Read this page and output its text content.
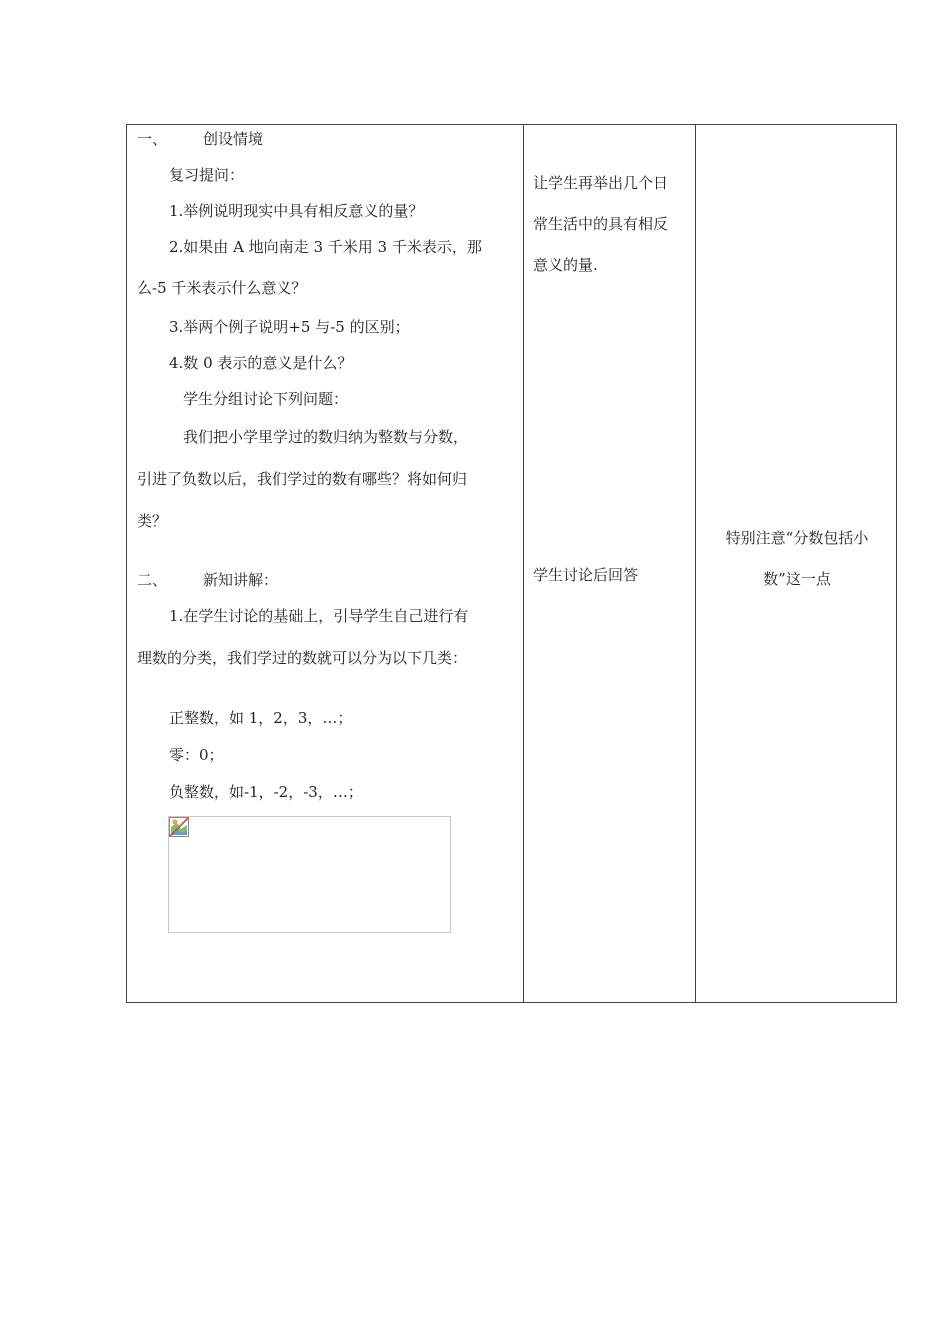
一、 创设情境
复习提问：
1.举例说明现实中具有相反意义的量？
2.如果由 A 地向南走 3 千米用 3 千米表示，那
么-5 千米表示什么意义？
3.举两个例子说明+5 与-5 的区别；
4.数 0 表示的意义是什么？
学生分组讨论下列问题：
我们把小学里学过的数归纳为整数与分数，
引进了负数以后，我们学过的数有哪些？将如何归
类？
二、 新知讲解：
1.在学生讨论的基础上，引导学生自己进行有
理数的分类，我们学过的数就可以分为以下几类：
正整数，如 1，2，3，…；
零：0；
负整数，如-1，-2，-3，…；
让学生再举出几个日
常生活中的具有相反
意义的量.
学生讨论后回答
特别注意“分数包括小
数”这一点
